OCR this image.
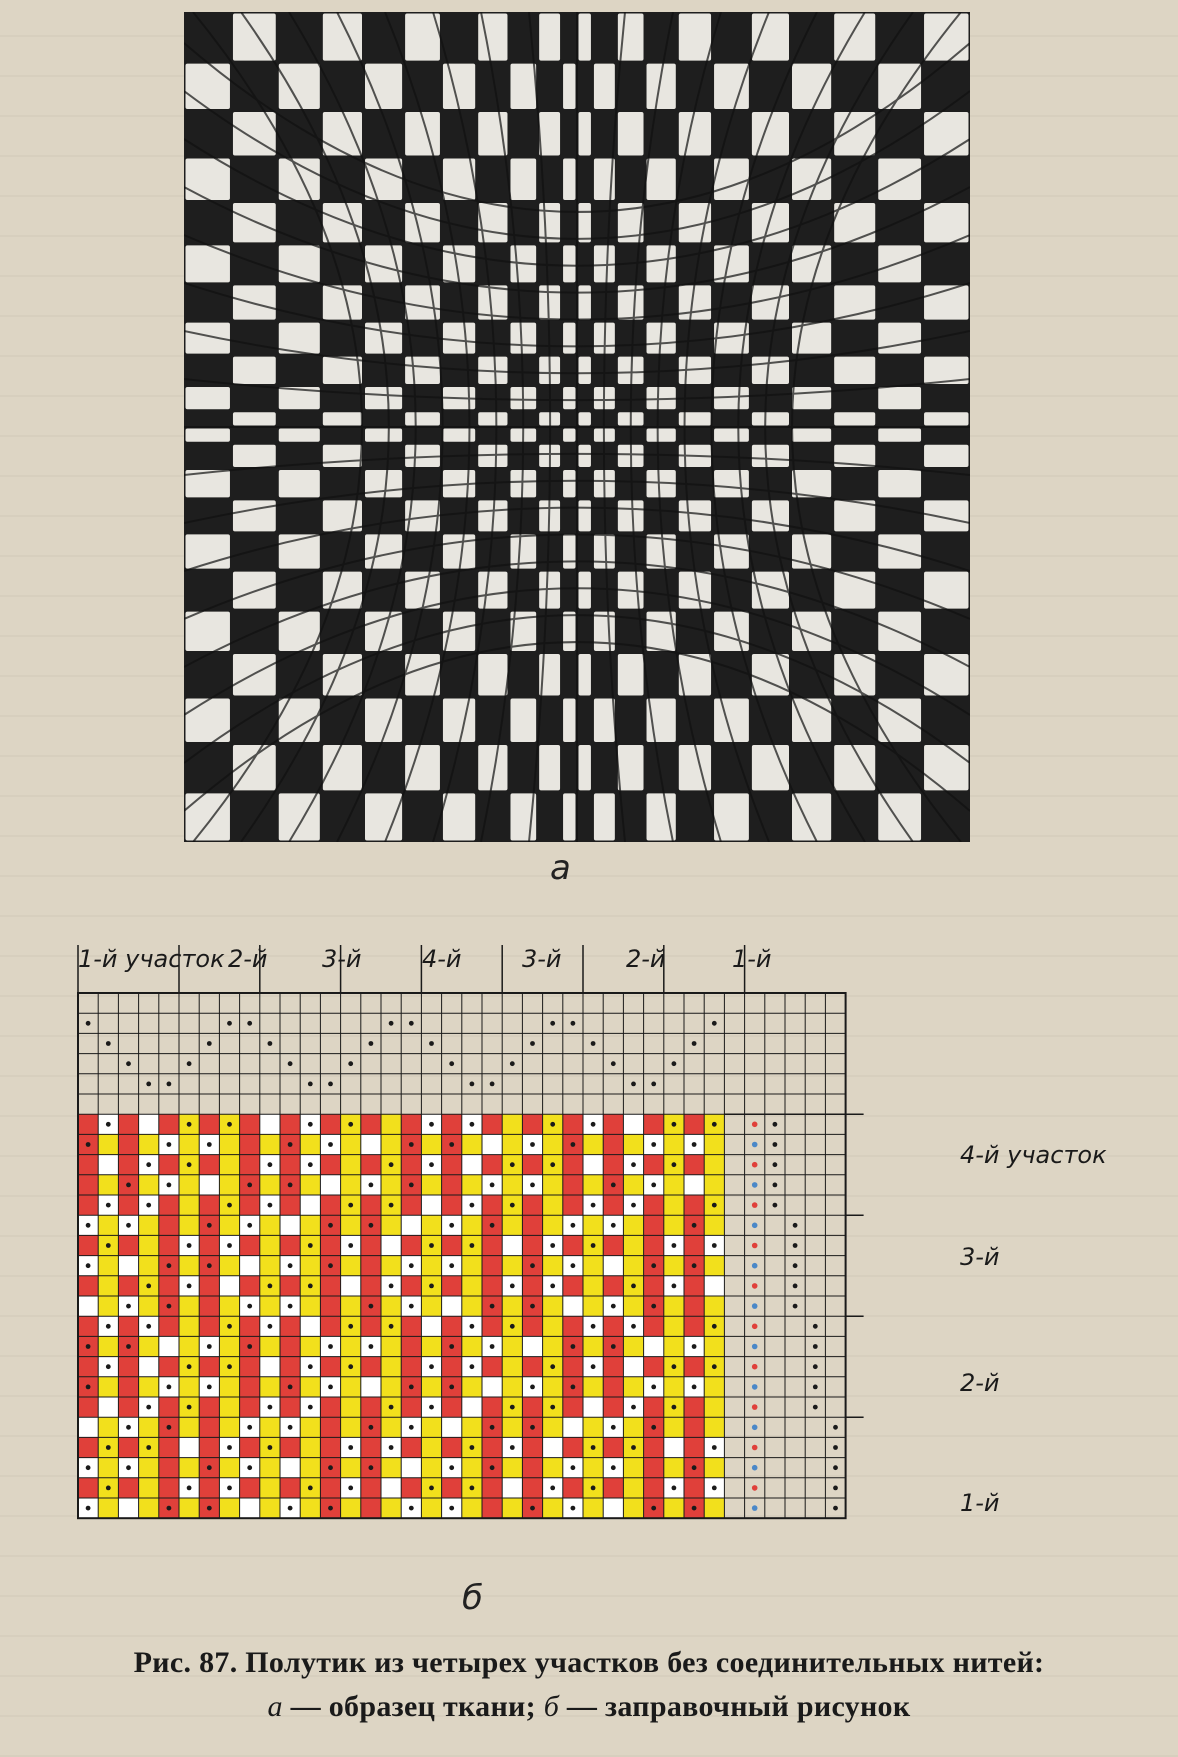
а
1-й участок 2-й 3-й	4-й	3-й	2-й	1-й
4-й участок
3-й
2-й
1-й
б
Рис. 87. Полутик из четырех участков без соединительных нитей:
а — образец ткани; б — заправочный рисунок
